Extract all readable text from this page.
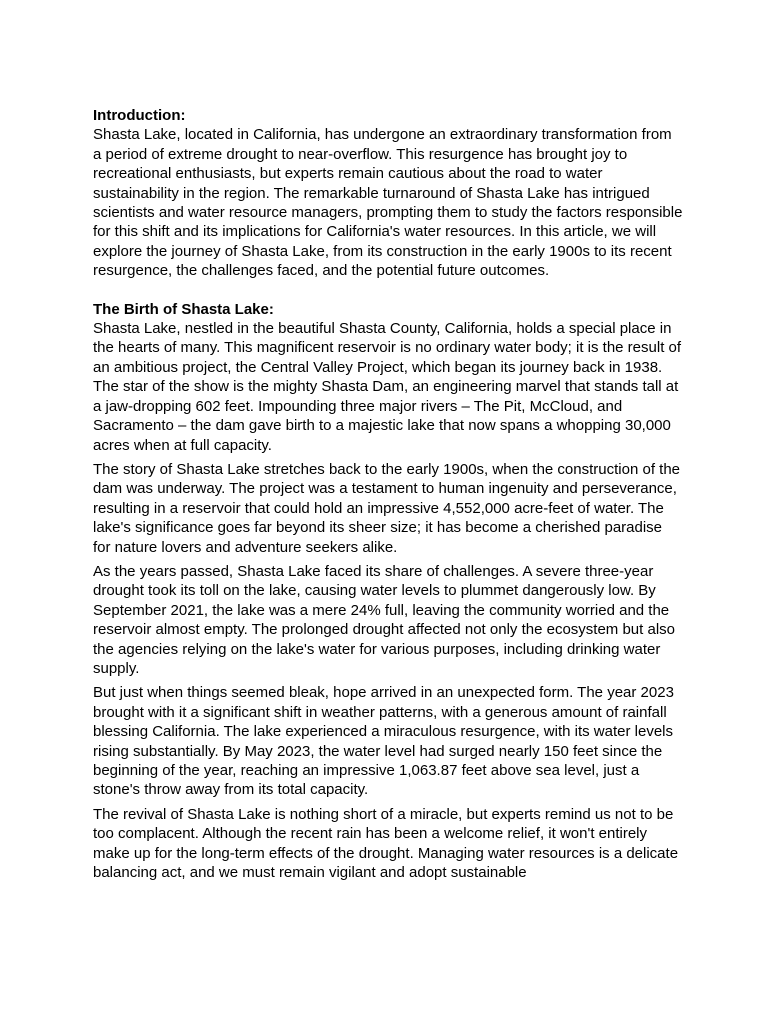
Introduction:

Shasta Lake, located in California, has undergone an extraordinary transformation from a period of extreme drought to near-overflow. This resurgence has brought joy to recreational enthusiasts, but experts remain cautious about the road to water sustainability in the region. The remarkable turnaround of Shasta Lake has intrigued scientists and water resource managers, prompting them to study the factors responsible for this shift and its implications for California's water resources. In this article, we will explore the journey of Shasta Lake, from its construction in the early 1900s to its recent resurgence, the challenges faced, and the potential future outcomes.

The Birth of Shasta Lake:

Shasta Lake, nestled in the beautiful Shasta County, California, holds a special place in the hearts of many. This magnificent reservoir is no ordinary water body; it is the result of an ambitious project, the Central Valley Project, which began its journey back in 1938. The star of the show is the mighty Shasta Dam, an engineering marvel that stands tall at a jaw-dropping 602 feet. Impounding three major rivers – The Pit, McCloud, and Sacramento – the dam gave birth to a majestic lake that now spans a whopping 30,000 acres when at full capacity.

The story of Shasta Lake stretches back to the early 1900s, when the construction of the dam was underway. The project was a testament to human ingenuity and perseverance, resulting in a reservoir that could hold an impressive 4,552,000 acre-feet of water. The lake's significance goes far beyond its sheer size; it has become a cherished paradise for nature lovers and adventure seekers alike.

As the years passed, Shasta Lake faced its share of challenges. A severe three-year drought took its toll on the lake, causing water levels to plummet dangerously low. By September 2021, the lake was a mere 24% full, leaving the community worried and the reservoir almost empty. The prolonged drought affected not only the ecosystem but also the agencies relying on the lake's water for various purposes, including drinking water supply.

But just when things seemed bleak, hope arrived in an unexpected form. The year 2023 brought with it a significant shift in weather patterns, with a generous amount of rainfall blessing California. The lake experienced a miraculous resurgence, with its water levels rising substantially. By May 2023, the water level had surged nearly 150 feet since the beginning of the year, reaching an impressive 1,063.87 feet above sea level, just a stone's throw away from its total capacity.

The revival of Shasta Lake is nothing short of a miracle, but experts remind us not to be too complacent. Although the recent rain has been a welcome relief, it won't entirely make up for the long-term effects of the drought. Managing water resources is a delicate balancing act, and we must remain vigilant and adopt sustainable
